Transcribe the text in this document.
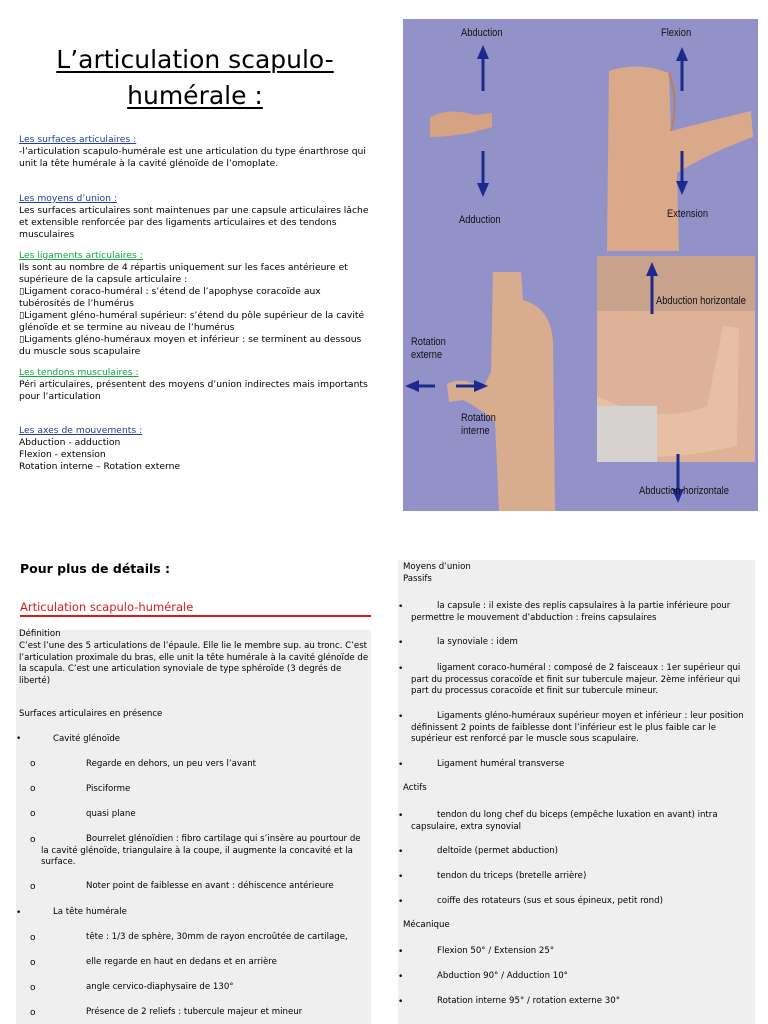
L’articulation scapulo-
humérale :
Les surfaces articulaires :

-l’articulation scapulo-humérale est une articulation du type énarthrose qui unit la tête humérale à la cavité glénoïde de l’omoplate.

Les moyens d’union :

Les surfaces articulaires sont maintenues par une capsule articulaires lâche et extensible renforcée par des ligaments articulaires et des tendons musculaires

Les ligaments articulaires :

Ils sont au nombre de 4 répartis uniquement sur les faces antérieure et supérieure de la capsule articulaire :

▯Ligament coraco-huméral : s’étend de l’apophyse coracoïde aux tubérosités de l’humérus

▯Ligament gléno-huméral supérieur: s’étend du pôle supérieur de la cavité glénoïde et se termine au niveau de l’humérus

▯Ligaments gléno-huméraux moyen et inférieur : se terminent au dessous du muscle sous scapulaire

Les tendons musculaires :

Péri articulaires, présentent des moyens d’union indirectes mais importants pour l’articulation

Les axes de mouvements :

Abduction - adduction

Flexion - extension

Rotation interne – Rotation externe

Abduction
Adduction
Flexion
Extension
Rotation
externe
Rotation
interne
Abduction horizontale
Abduction horizontale
Pour plus de détails :
Articulation scapulo-humérale
Définition
C’est l’une des 5 articulations de l’épaule. Elle lie le membre sup. au tronc. C’est l’articulation proximale du bras, elle unit la tête humérale à la cavité glénoïde de la scapula. C’est une articulation synoviale de type sphéroïde (3 degrés de liberté)
Surfaces articulaires en présence
•	Cavité glénoïde
o	Regarde en dehors, un peu vers l’avant
o	Pisciforme
o	quasi plane
o	Bourrelet glénoïdien : fibro cartilage qui s’insère au pourtour de la cavité glénoïde, triangulaire à la coupe, il augmente la concavité et la surface.
o	Noter point de faiblesse en avant : déhiscence antérieure
•	La tête humérale
o	tête : 1/3 de sphère, 30mm de rayon encroûtée de cartilage,
o	elle regarde en haut en dedans et en arrière
o	angle cervico-diaphysaire de 130°
o	Présence de 2 reliefs : tubercule majeur et mineur
Moyens d’union
Passifs
•	la capsule : il existe des replis capsulaires à la partie inférieure pour permettre le mouvement d’abduction : freins capsulaires
•	la synoviale : idem
•	ligament coraco-huméral : composé de 2 faisceaux : 1er supérieur qui part du processus coracoïde et finit sur tubercule majeur. 2ème inférieur qui part du processus coracoïde et finit sur tubercule mineur.
•	Ligaments gléno-huméraux supérieur moyen et inférieur : leur position définissent 2 points de faiblesse dont l’inférieur est le plus faible car le supérieur est renforcé par le muscle sous scapulaire.
•	Ligament huméral transverse
Actifs
•	tendon du long chef du biceps (empêche luxation en avant) intra capsulaire, extra synovial
•	deltoïde (permet abduction)
•	tendon du triceps (bretelle arrière)
•	coiffe des rotateurs (sus et sous épineux, petit rond)
Mécanique
•	Flexion 50° / Extension 25°
•	Abduction 90° / Adduction 10°
•	Rotation interne 95° / rotation externe 30°
